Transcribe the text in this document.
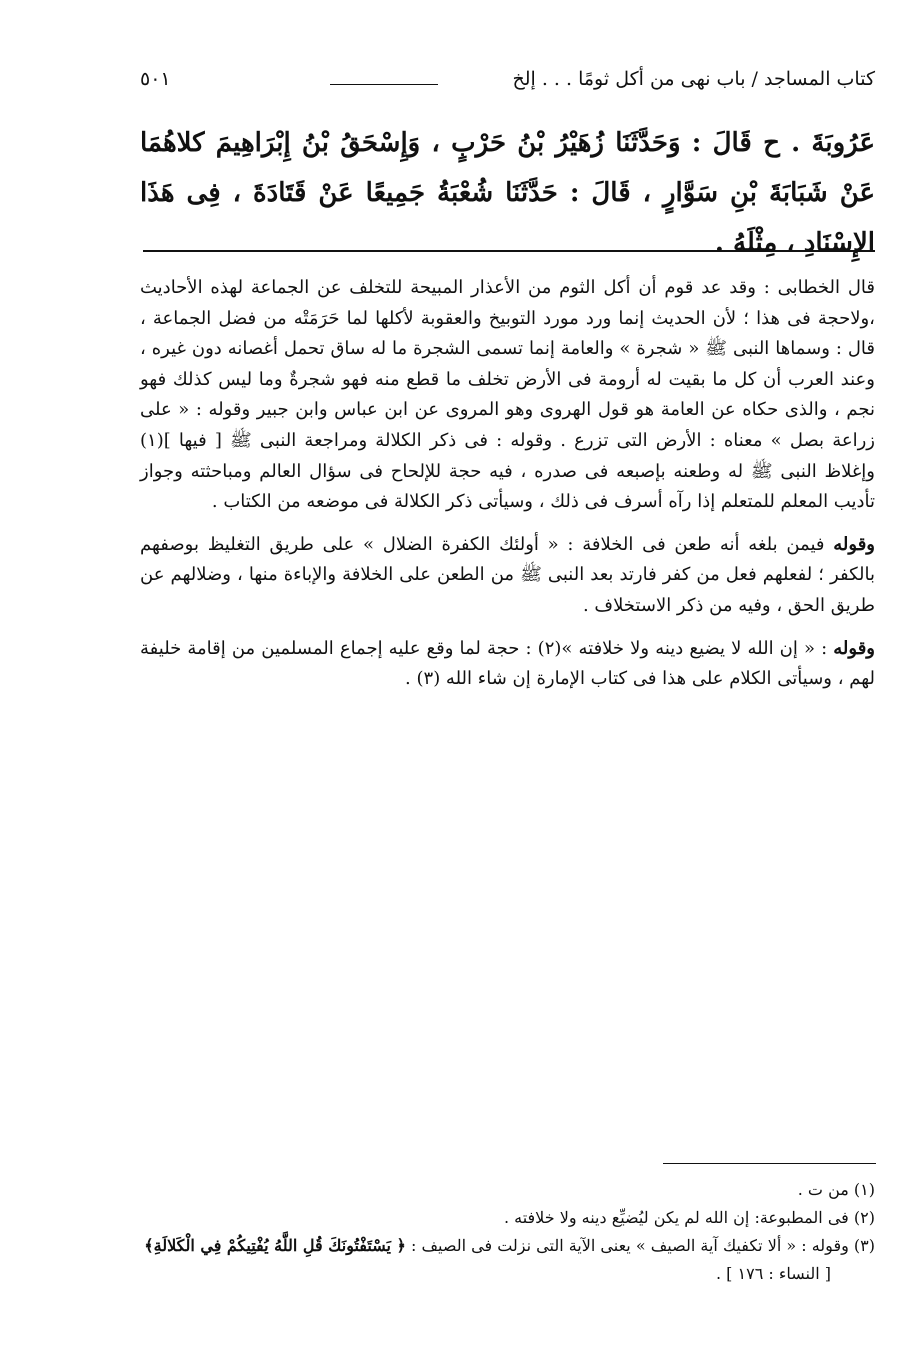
كتاب المساجد / باب نهى من أكل ثومًا . . . إلخ
٥٠١
عَرُوبَةَ . ح قَالَ : وَحَدَّثَنَا زُهَيْرُ بْنُ حَرْبٍ ، وَإِسْحَقُ بْنُ إِبْرَاهِيمَ كلاهُمَا عَنْ شَبَابَةَ بْنِ سَوَّارٍ ، قَالَ : حَدَّثَنَا شُعْبَةُ جَمِيعًا عَنْ قَتَادَةَ ، فِى هَذَا الإِسْنَادِ ، مِثْلَهُ .

قال الخطابى : وقد عد قوم أن أكل الثوم من الأعذار المبيحة للتخلف عن الجماعة لهذه الأحاديث ،ولاحجة فى هذا ؛ لأن الحديث إنما ورد مورد التوبيخ والعقوبة لأكلها لما حَرَمَتْه من فضل الجماعة ، قال : وسماها النبى ﷺ « شجرة » والعامة إنما تسمى الشجرة ما له ساق تحمل أغصانه دون غيره ، وعند العرب أن كل ما بقيت له أرومة فى الأرض تخلف ما قطع منه فهو شجرةٌ وما ليس كذلك فهو نجم ، والذى حكاه عن العامة هو قول الهروى وهو المروى عن ابن عباس وابن جبير وقوله : « على زراعة بصل » معناه : الأرض التى تزرع . وقوله : فى ذكر الكلالة ومراجعة النبى ﷺ [ فيها ](١) وإغلاظ النبى ﷺ له وطعنه بإصبعه فى صدره ، فيه حجة للإلحاح فى سؤال العالم ومباحثته وجواز تأديب المعلم للمتعلم إذا رآه أسرف فى ذلك ، وسيأتى ذكر الكلالة فى موضعه من الكتاب .

وقوله فيمن بلغه أنه طعن فى الخلافة : « أولئك الكفرة الضلال » على طريق التغليظ بوصفهم بالكفر ؛ لفعلهم فعل من كفر فارتد بعد النبى ﷺ من الطعن على الخلافة والإباءة منها ، وضلالهم عن طريق الحق ، وفيه من ذكر الاستخلاف .

وقوله : « إن الله لا يضيع دينه ولا خلافته »(٢) : حجة لما وقع عليه إجماع المسلمين من إقامة خليفة لهم ، وسيأتى الكلام على هذا فى كتاب الإمارة إن شاء الله (٣) .

(١) من ت .
(٢) فى المطبوعة: إن الله لم يكن ليُضيِّع دينه ولا خلافته .
(٣) وقوله : « ألا تكفيك آية الصيف » يعنى الآية التى نزلت فى الصيف : ﴿ يَسْتَفْتُونَكَ قُلِ اللَّهُ يُفْتِيكُمْ فِي الْكَلالَةِ﴾
[ النساء : ١٧٦ ] .
